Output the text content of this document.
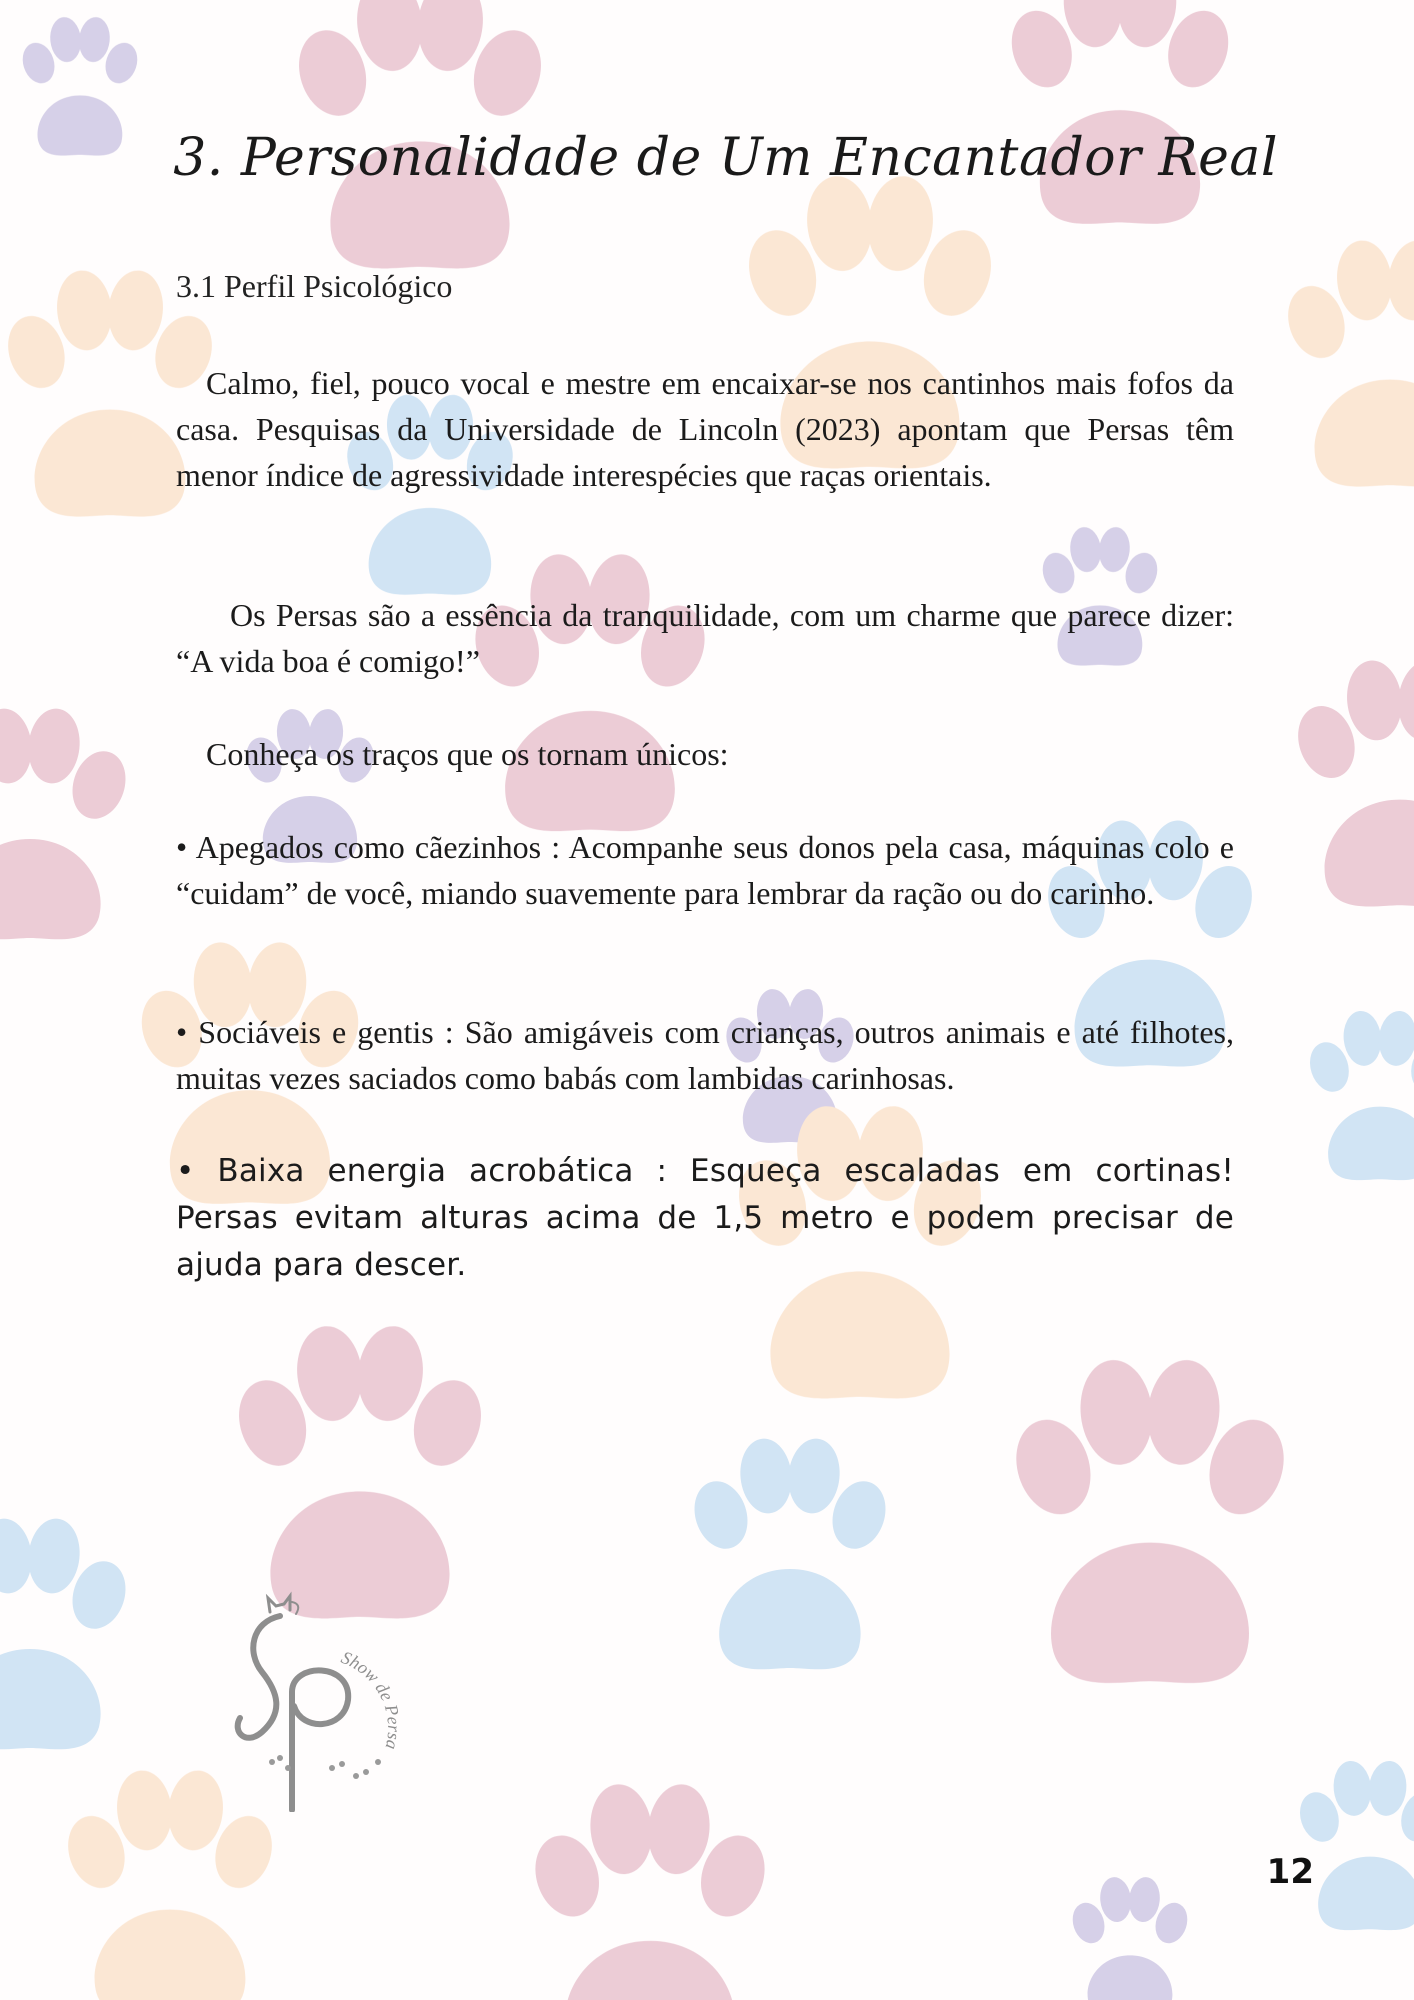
3. Personalidade de Um Encantador Real
3.1 Perfil Psicológico

Calmo, fiel, pouco vocal e mestre em encaixar-se nos cantinhos mais fofos da casa. Pesquisas da Universidade de Lincoln (2023) apontam que Persas têm menor índice de agressividade interespécies que raças orientais.

Os Persas são a essência da tranquilidade, com um charme que parece dizer: “A vida boa é comigo!”

Conheça os traços que os tornam únicos:

• Apegados como cãezinhos : Acompanhe seus donos pela casa, máquinas colo e “cuidam” de você, miando suavemente para lembrar da ração ou do carinho.

• Sociáveis e gentis : São amigáveis com crianças, outros animais e até filhotes, muitas vezes saciados como babás com lambidas carinhosas.

• Baixa energia acrobática : Esqueça escaladas em cortinas! Persas evitam alturas acima de 1,5 metro e podem precisar de ajuda para descer.

Show de Persa

12
